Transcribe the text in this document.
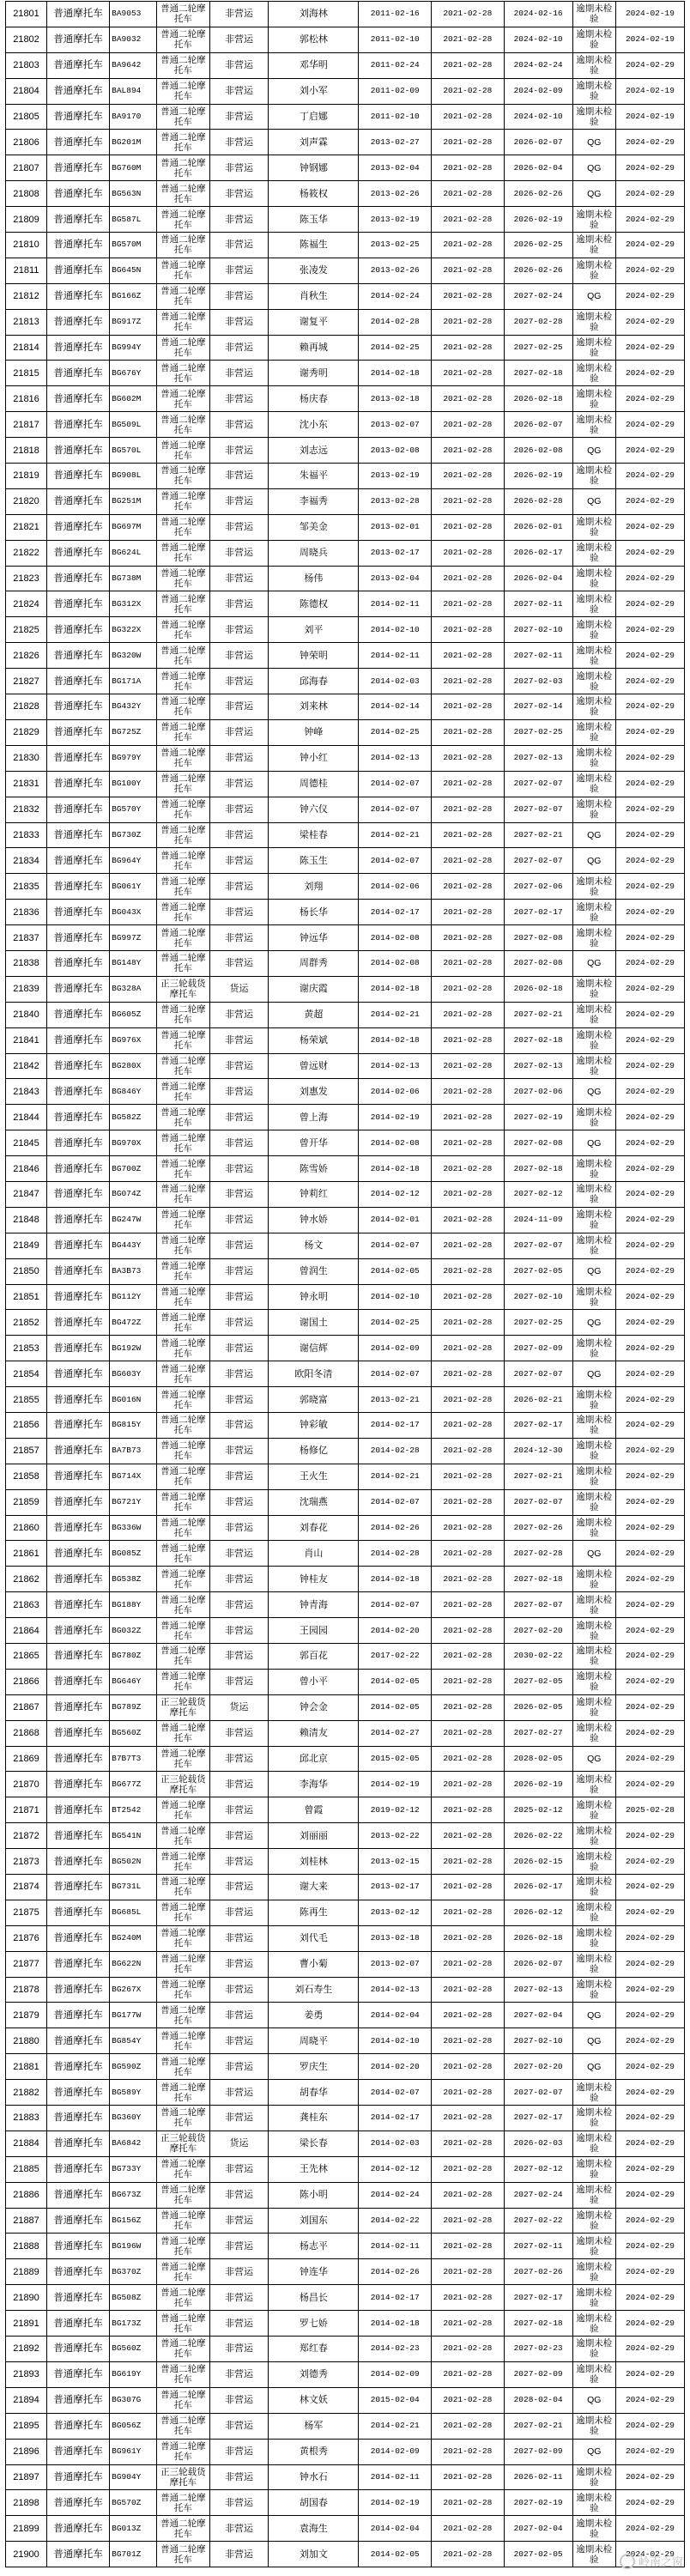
21801	普通摩托车	BA9053	普通二轮摩托车	非营运	刘海林	2011-02-16	2021-02-28	2024-02-16	逾期未检验	2024-02-19
21802	普通摩托车	BA9032	普通二轮摩托车	非营运	郭松林	2011-02-10	2021-02-28	2024-02-10	逾期未检验	2024-02-19
21803	普通摩托车	BA9642	普通二轮摩托车	非营运	邓华明	2011-02-24	2021-02-28	2024-02-24	逾期未检验	2024-02-29
21804	普通摩托车	BAL894	普通二轮摩托车	非营运	刘小军	2011-02-09	2021-02-28	2024-02-09	逾期未检验	2024-02-19
21805	普通摩托车	BA9170	普通二轮摩托车	非营运	丁启娜	2011-02-10	2021-02-28	2024-02-10	逾期未检验	2024-02-19
21806	普通摩托车	BG201M	普通二轮摩托车	非营运	刘声霖	2013-02-27	2021-02-28	2026-02-07	QG	2024-02-29
21807	普通摩托车	BG760M	普通二轮摩托车	非营运	钟钢娜	2013-02-04	2021-02-28	2026-02-04	QG	2024-02-29
21808	普通摩托车	BG563N	普通二轮摩托车	非营运	杨筱权	2013-02-26	2021-02-28	2026-02-26	QG	2024-02-29
21809	普通摩托车	BG587L	普通二轮摩托车	非营运	陈玉华	2013-02-19	2021-02-28	2026-02-19	逾期未检验	2024-02-29
21810	普通摩托车	BG570M	普通二轮摩托车	非营运	陈福生	2013-02-25	2021-02-28	2026-02-25	逾期未检验	2024-02-29
21811	普通摩托车	BG645N	普通二轮摩托车	非营运	张凌发	2013-02-26	2021-02-28	2026-02-26	逾期未检验	2024-02-29
21812	普通摩托车	BG166Z	普通二轮摩托车	非营运	肖秋生	2014-02-24	2021-02-28	2027-02-24	QG	2024-02-29
21813	普通摩托车	BG917Z	普通二轮摩托车	非营运	谢复平	2014-02-28	2021-02-28	2027-02-28	逾期未检验	2024-02-29
21814	普通摩托车	BG994Y	普通二轮摩托车	非营运	赖再城	2014-02-25	2021-02-28	2027-02-25	逾期未检验	2024-02-29
21815	普通摩托车	BG676Y	普通二轮摩托车	非营运	谢秀明	2014-02-18	2021-02-28	2027-02-18	逾期未检验	2024-02-29
21816	普通摩托车	BG602M	普通二轮摩托车	非营运	杨庆春	2013-02-18	2021-02-28	2026-02-18	逾期未检验	2024-02-29
21817	普通摩托车	BG509L	普通二轮摩托车	非营运	沈小东	2013-02-07	2021-02-28	2026-02-07	逾期未检验	2024-02-29
21818	普通摩托车	BG570L	普通二轮摩托车	非营运	刘志远	2013-02-08	2021-02-28	2026-02-08	QG	2024-02-29
21819	普通摩托车	BG908L	普通二轮摩托车	非营运	朱福平	2013-02-19	2021-02-28	2026-02-19	逾期未检验	2024-02-29
21820	普通摩托车	BG251M	普通二轮摩托车	非营运	李福秀	2013-02-28	2021-02-28	2026-02-28	QG	2024-02-29
21821	普通摩托车	BG697M	普通二轮摩托车	非营运	邹美金	2013-02-01	2021-02-28	2026-02-01	逾期未检验	2024-02-29
21822	普通摩托车	BG624L	普通二轮摩托车	非营运	周晓兵	2013-02-17	2021-02-28	2026-02-17	逾期未检验	2024-02-29
21823	普通摩托车	BG738M	普通二轮摩托车	非营运	杨伟	2013-02-04	2021-02-28	2026-02-04	逾期未检验	2024-02-29
21824	普通摩托车	BG312X	普通二轮摩托车	非营运	陈德权	2014-02-11	2021-02-28	2027-02-11	逾期未检验	2024-02-29
21825	普通摩托车	BG322X	普通二轮摩托车	非营运	刘平	2014-02-10	2021-02-28	2027-02-10	逾期未检验	2024-02-29
21826	普通摩托车	BG320W	普通二轮摩托车	非营运	钟荣明	2014-02-11	2021-02-28	2027-02-11	逾期未检验	2024-02-29
21827	普通摩托车	BG171A	普通二轮摩托车	非营运	邱海春	2014-02-03	2021-02-28	2027-02-03	逾期未检验	2024-02-29
21828	普通摩托车	BG432Y	普通二轮摩托车	非营运	刘来林	2014-02-14	2021-02-28	2027-02-14	逾期未检验	2024-02-29
21829	普通摩托车	BG725Z	普通二轮摩托车	非营运	钟峰	2014-02-25	2021-02-28	2027-02-25	逾期未检验	2024-02-29
21830	普通摩托车	BG979Y	普通二轮摩托车	非营运	钟小红	2014-02-13	2021-02-28	2027-02-13	逾期未检验	2024-02-29
21831	普通摩托车	BG100Y	普通二轮摩托车	非营运	周德桂	2014-02-07	2021-02-28	2027-02-07	逾期未检验	2024-02-29
21832	普通摩托车	BG570Y	普通二轮摩托车	非营运	钟六仪	2014-02-07	2021-02-28	2027-02-07	逾期未检验	2024-02-29
21833	普通摩托车	BG730Z	普通二轮摩托车	非营运	梁桂春	2014-02-21	2021-02-28	2027-02-21	QG	2024-02-29
21834	普通摩托车	BG964Y	普通二轮摩托车	非营运	陈玉生	2014-02-07	2021-02-28	2027-02-07	QG	2024-02-29
21835	普通摩托车	BG061Y	普通二轮摩托车	非营运	刘翔	2014-02-06	2021-02-28	2027-02-06	逾期未检验	2024-02-29
21836	普通摩托车	BG043X	普通二轮摩托车	非营运	杨长华	2014-02-17	2021-02-28	2027-02-17	逾期未检验	2024-02-29
21837	普通摩托车	BG997Z	普通二轮摩托车	非营运	钟远华	2014-02-08	2021-02-28	2027-02-08	逾期未检验	2024-02-29
21838	普通摩托车	BG148Y	普通二轮摩托车	非营运	周群秀	2014-02-08	2021-02-28	2027-02-08	QG	2024-02-29
21839	普通摩托车	BG328A	正三轮载货摩托车	货运	谢庆霞	2014-02-18	2021-02-28	2026-02-18	逾期未检验	2024-02-29
21840	普通摩托车	BG605Z	普通二轮摩托车	非营运	黄超	2014-02-21	2021-02-28	2027-02-21	逾期未检验	2024-02-29
21841	普通摩托车	BG976X	普通二轮摩托车	非营运	杨荣斌	2014-02-18	2021-02-28	2027-02-18	逾期未检验	2024-02-29
21842	普通摩托车	BG280X	普通二轮摩托车	非营运	曾远财	2014-02-13	2021-02-28	2027-02-13	逾期未检验	2024-02-29
21843	普通摩托车	BG846Y	普通二轮摩托车	非营运	刘惠发	2014-02-06	2021-02-28	2027-02-06	QG	2024-02-29
21844	普通摩托车	BG582Z	普通二轮摩托车	非营运	曾上海	2014-02-19	2021-02-28	2027-02-19	逾期未检验	2024-02-29
21845	普通摩托车	BG970X	普通二轮摩托车	非营运	曾开华	2014-02-08	2021-02-28	2027-02-08	QG	2024-02-29
21846	普通摩托车	BG700Z	普通二轮摩托车	非营运	陈雪娇	2014-02-18	2021-02-28	2027-02-18	逾期未检验	2024-02-29
21847	普通摩托车	BG074Z	普通二轮摩托车	非营运	钟莉红	2014-02-12	2021-02-28	2027-02-12	逾期未检验	2024-02-29
21848	普通摩托车	BG247W	普通二轮摩托车	非营运	钟水娇	2014-02-01	2021-02-28	2024-11-09	逾期未检验	2024-02-29
21849	普通摩托车	BG443Y	普通二轮摩托车	非营运	杨文	2014-02-07	2021-02-28	2027-02-07	逾期未检验	2024-02-29
21850	普通摩托车	BA3B73	普通二轮摩托车	非营运	曾润生	2014-02-05	2021-02-28	2027-02-05	QG	2024-02-29
21851	普通摩托车	BG112Y	普通二轮摩托车	非营运	钟永明	2014-02-10	2021-02-28	2027-02-10	逾期未检验	2024-02-29
21852	普通摩托车	BG472Z	普通二轮摩托车	非营运	谢国土	2014-02-25	2021-02-28	2027-02-25	QG	2024-02-29
21853	普通摩托车	BG192W	普通二轮摩托车	非营运	谢信辉	2014-02-09	2021-02-28	2027-02-09	逾期未检验	2024-02-29
21854	普通摩托车	BG603Y	普通二轮摩托车	非营运	欧阳冬清	2014-02-07	2021-02-28	2027-02-07	QG	2024-02-29
21855	普通摩托车	BG016N	普通二轮摩托车	非营运	郭晓富	2013-02-21	2021-02-28	2026-02-21	逾期未检验	2024-02-29
21856	普通摩托车	BG815Y	普通二轮摩托车	非营运	钟彩敏	2014-02-17	2021-02-28	2027-02-17	逾期未检验	2024-02-29
21857	普通摩托车	BA7B73	普通二轮摩托车	非营运	杨修亿	2014-02-28	2021-02-28	2024-12-30	逾期未检验	2024-02-29
21858	普通摩托车	BG714X	普通二轮摩托车	非营运	王火生	2014-02-21	2021-02-28	2027-02-21	逾期未检验	2024-02-29
21859	普通摩托车	BG721Y	普通二轮摩托车	非营运	沈瑞燕	2014-02-07	2021-02-28	2027-02-07	逾期未检验	2024-02-29
21860	普通摩托车	BG336W	普通二轮摩托车	非营运	刘春花	2014-02-26	2021-02-28	2027-02-26	逾期未检验	2024-02-29
21861	普通摩托车	BG085Z	普通二轮摩托车	非营运	肖山	2014-02-28	2021-02-28	2027-02-28	QG	2024-02-29
21862	普通摩托车	BG538Z	普通二轮摩托车	非营运	钟桂友	2014-02-18	2021-02-28	2027-02-18	逾期未检验	2024-02-29
21863	普通摩托车	BG188Y	普通二轮摩托车	非营运	钟青海	2014-02-07	2021-02-28	2027-02-07	逾期未检验	2024-02-29
21864	普通摩托车	BG032Z	普通二轮摩托车	非营运	王园园	2014-02-20	2021-02-28	2027-02-20	逾期未检验	2024-02-29
21865	普通摩托车	BG780Z	普通二轮摩托车	非营运	郭百花	2017-02-22	2021-02-28	2030-02-22	逾期未检验	2024-02-29
21866	普通摩托车	BG646Y	普通二轮摩托车	非营运	曾小平	2014-02-05	2021-02-28	2027-02-05	逾期未检验	2024-02-29
21867	普通摩托车	BG789Z	正三轮载货摩托车	货运	钟会金	2014-02-05	2021-02-28	2026-02-05	逾期未检验	2024-02-29
21868	普通摩托车	BG560Z	普通二轮摩托车	非营运	赖清友	2014-02-27	2021-02-28	2027-02-27	逾期未检验	2024-02-29
21869	普通摩托车	B7B7T3	普通二轮摩托车	非营运	邱北京	2015-02-05	2021-02-28	2028-02-05	QG	2024-02-29
21870	普通摩托车	BG677Z	正三轮载货摩托车	非营运	李海华	2014-02-19	2021-02-28	2026-02-19	逾期未检验	2024-02-29
21871	普通摩托车	BT2542	普通二轮摩托车	非营运	曾霞	2019-02-12	2021-02-28	2025-02-12	逾期未检验	2025-02-28
21872	普通摩托车	BG541N	普通二轮摩托车	非营运	刘丽丽	2013-02-22	2021-02-28	2026-02-22	逾期未检验	2024-02-29
21873	普通摩托车	BG502N	普通二轮摩托车	非营运	刘桂林	2013-02-15	2021-02-28	2026-02-15	逾期未检验	2024-02-29
21874	普通摩托车	BG731L	普通二轮摩托车	非营运	谢大来	2013-02-17	2021-02-28	2026-02-17	逾期未检验	2024-02-29
21875	普通摩托车	BG685L	普通二轮摩托车	非营运	陈再生	2013-02-12	2021-02-28	2026-02-12	逾期未检验	2024-02-29
21876	普通摩托车	BG240M	普通二轮摩托车	非营运	刘代毛	2013-02-18	2021-02-28	2026-02-18	逾期未检验	2024-02-29
21877	普通摩托车	BG622N	普通二轮摩托车	非营运	曹小菊	2013-02-07	2021-02-28	2026-02-07	逾期未检验	2024-02-29
21878	普通摩托车	BG267X	普通二轮摩托车	非营运	刘石寿生	2014-02-13	2021-02-28	2027-02-13	逾期未检验	2024-02-29
21879	普通摩托车	BG177W	普通二轮摩托车	非营运	姜勇	2014-02-04	2021-02-28	2027-02-04	QG	2024-02-29
21880	普通摩托车	BG854Y	普通二轮摩托车	非营运	周晓平	2014-02-10	2021-02-28	2027-02-10	QG	2024-02-29
21881	普通摩托车	BG590Z	普通二轮摩托车	非营运	罗庆生	2014-02-20	2021-02-28	2027-02-20	QG	2024-02-29
21882	普通摩托车	BG589Y	普通二轮摩托车	非营运	胡春华	2014-02-07	2021-02-28	2027-02-07	逾期未检验	2024-02-29
21883	普通摩托车	BG360Y	普通二轮摩托车	非营运	龚桂东	2014-02-17	2021-02-28	2027-02-17	逾期未检验	2024-02-29
21884	普通摩托车	BA6842	正三轮载货摩托车	货运	梁长春	2014-02-03	2021-02-28	2026-02-03	逾期未检验	2024-02-29
21885	普通摩托车	BG733Y	普通二轮摩托车	非营运	王先林	2014-02-12	2021-02-28	2027-02-12	逾期未检验	2024-02-29
21886	普通摩托车	BG673Z	普通二轮摩托车	非营运	陈小明	2014-02-24	2021-02-28	2027-02-24	逾期未检验	2024-02-29
21887	普通摩托车	BG156Z	普通二轮摩托车	非营运	刘国东	2014-02-22	2021-02-28	2027-02-22	逾期未检验	2024-02-29
21888	普通摩托车	BG196W	普通二轮摩托车	非营运	杨志平	2014-02-11	2021-02-28	2027-02-11	逾期未检验	2024-02-29
21889	普通摩托车	BG370Z	普通二轮摩托车	非营运	钟连华	2014-02-26	2021-02-28	2027-02-26	逾期未检验	2024-02-29
21890	普通摩托车	BG508Z	普通二轮摩托车	非营运	杨昌长	2014-02-17	2021-02-28	2027-02-17	逾期未检验	2024-02-29
21891	普通摩托车	BG173Z	普通二轮摩托车	非营运	罗七娇	2014-02-18	2021-02-28	2027-02-18	逾期未检验	2024-02-29
21892	普通摩托车	BG560Z	普通二轮摩托车	非营运	郑红春	2014-02-23	2021-02-28	2027-02-23	逾期未检验	2024-02-29
21893	普通摩托车	BG619Y	普通二轮摩托车	非营运	刘德秀	2014-02-09	2021-02-28	2027-02-09	逾期未检验	2024-02-29
21894	普通摩托车	BG307G	普通二轮摩托车	非营运	林文妖	2015-02-04	2021-02-28	2028-02-04	QG	2024-02-29
21895	普通摩托车	BG056Z	普通二轮摩托车	非营运	杨军	2014-02-21	2021-02-28	2027-02-21	逾期未检验	2024-02-29
21896	普通摩托车	BG961Y	普通二轮摩托车	非营运	黄根秀	2014-02-09	2021-02-28	2027-02-09	QG	2024-02-29
21897	普通摩托车	BG904Y	正三轮载货摩托车	非营运	钟水石	2014-02-11	2021-02-28	2026-02-11	逾期未检验	2024-02-29
21898	普通摩托车	BG570Z	普通二轮摩托车	非营运	胡国春	2014-02-19	2021-02-28	2027-02-19	逾期未检验	2024-02-29
21899	普通摩托车	BG013Z	普通二轮摩托车	非营运	袁海生	2014-02-04	2021-02-28	2027-02-04	逾期未检验	2024-02-29
21900	普通摩托车	BG701Z	普通二轮摩托车	非营运	刘加文	2014-02-05	2021-02-28	2027-02-05	逾期未检验	2024-02-29
岭南之窗
